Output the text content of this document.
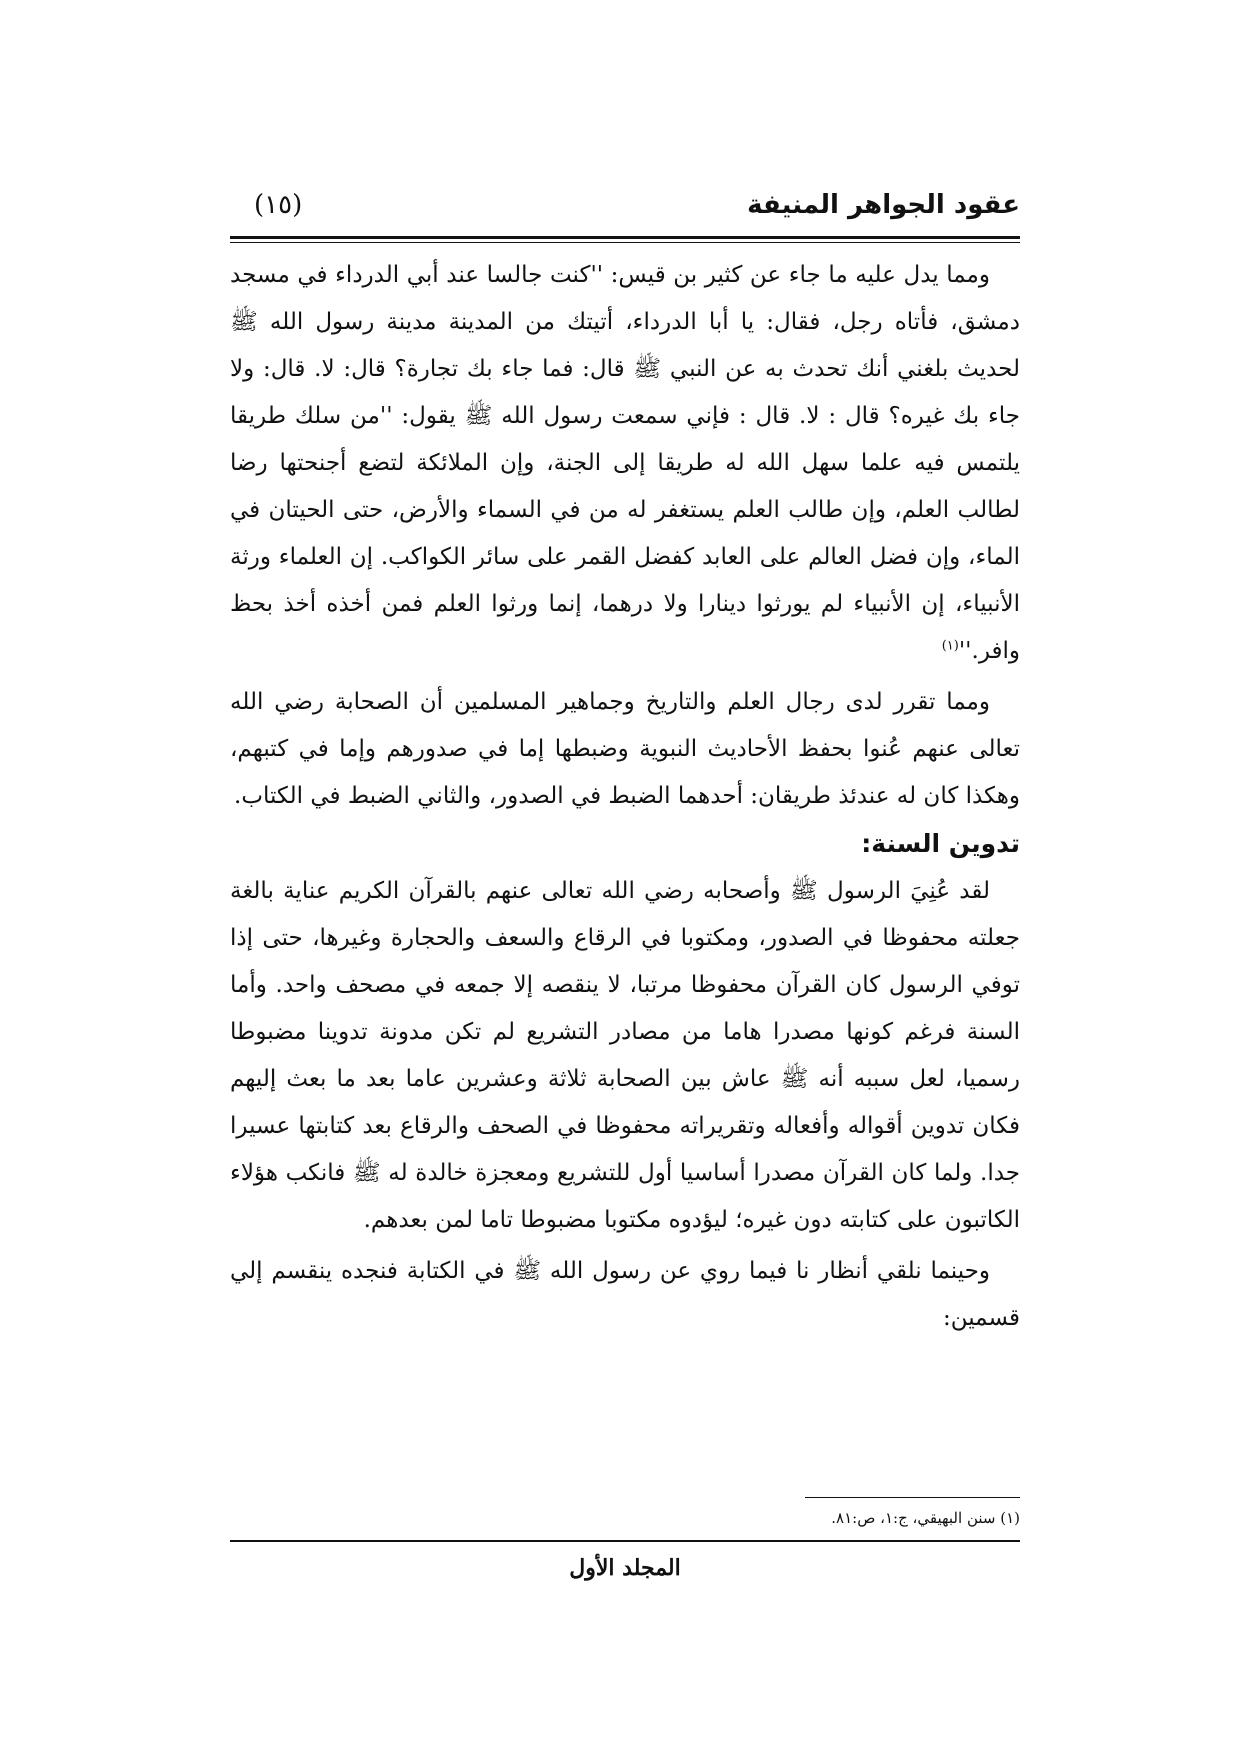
عقود الجواهر المنيفة
(١٥)

ومما يدل عليه ما جاء عن كثير بن قيس: ''كنت جالسا عند أبي الدرداء في مسجد دمشق، فأتاه رجل، فقال: يا أبا الدرداء، أتيتك من المدينة مدينة رسول الله ﷺ لحديث بلغني أنك تحدث به عن النبي ﷺ قال: فما جاء بك تجارة؟ قال: لا. قال: ولا جاء بك غيره؟ قال : لا. قال : فإني سمعت رسول الله ﷺ يقول: ''من سلك طريقا يلتمس فيه علما سهل الله له طريقا إلى الجنة، وإن الملائكة لتضع أجنحتها رضا لطالب العلم، وإن طالب العلم يستغفر له من في السماء والأرض، حتى الحيتان في الماء، وإن فضل العالم على العابد كفضل القمر على سائر الكواكب. إن العلماء ورثة الأنبياء، إن الأنبياء لم يورثوا دينارا ولا درهما، إنما ورثوا العلم فمن أخذه أخذ بحظ وافر.''$^{(١)}$

ومما تقرر لدى رجال العلم والتاريخ وجماهير المسلمين أن الصحابة رضي الله تعالى عنهم عُنوا بحفظ الأحاديث النبوية وضبطها إما في صدورهم وإما في كتبهم، وهكذا كان له عندئذ طريقان: أحدهما الضبط في الصدور، والثاني الضبط في الكتاب.

تدوين السنة:

لقد عُنِيَ الرسول ﷺ وأصحابه رضي الله تعالى عنهم بالقرآن الكريم عناية بالغة جعلته محفوظا في الصدور، ومكتوبا في الرقاع والسعف والحجارة وغيرها، حتى إذا توفي الرسول كان القرآن محفوظا مرتبا، لا ينقصه إلا جمعه في مصحف واحد. وأما السنة فرغم كونها مصدرا هاما من مصادر التشريع لم تكن مدونة تدوينا مضبوطا رسميا، لعل سببه أنه ﷺ عاش بين الصحابة ثلاثة وعشرين عاما بعد ما بعث إليهم فكان تدوين أقواله وأفعاله وتقريراته محفوظا في الصحف والرقاع بعد كتابتها عسيرا جدا. ولما كان القرآن مصدرا أساسيا أول للتشريع ومعجزة خالدة له ﷺ فانكب هؤلاء الكاتبون على كتابته دون غيره؛ ليؤدوه مكتوبا مضبوطا تاما لمن بعدهم.

وحينما نلقي أنظار نا فيما روي عن رسول الله ﷺ في الكتابة فنجده ينقسم إلي قسمين:

(١) سنن البهيقي، ج:١، ص:٨١.
المجلد الأول
